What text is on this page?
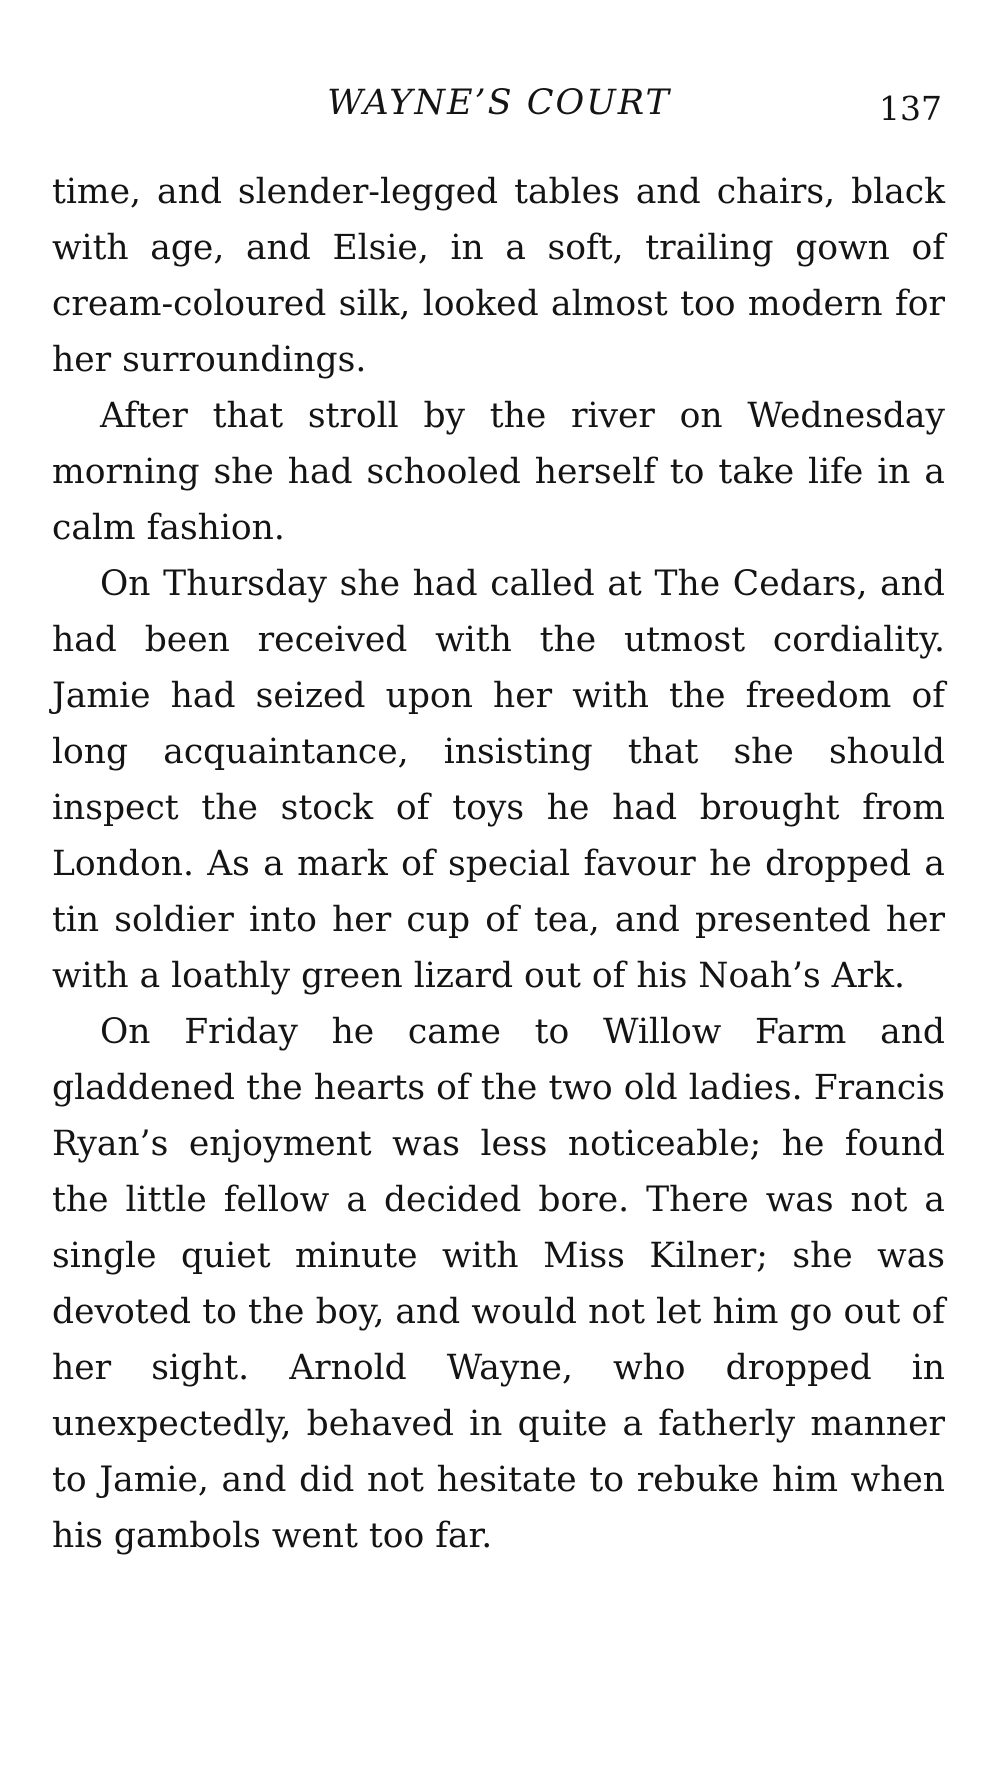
WAYNE’S COURT	137

time, and slender-legged tables and chairs, black with age, and Elsie, in a soft, trailing gown of cream-coloured silk, looked almost too modern for her surroundings.

After that stroll by the river on Wednesday morning she had schooled herself to take life in a calm fashion.

On Thursday she had called at The Cedars, and had been received with the utmost cordiality. Jamie had seized upon her with the freedom of long acquaintance, insisting that she should inspect the stock of toys he had brought from London. As a mark of special favour he dropped a tin soldier into her cup of tea, and presented her with a loathly green lizard out of his Noah’s Ark.

On Friday he came to Willow Farm and gladdened the hearts of the two old ladies. Francis Ryan’s enjoyment was less noticeable; he found the little fellow a decided bore. There was not a single quiet minute with Miss Kilner; she was devoted to the boy, and would not let him go out of her sight. Arnold Wayne, who dropped in unexpectedly, behaved in quite a fatherly manner to Jamie, and did not hesitate to rebuke him when his gambols went too far.
